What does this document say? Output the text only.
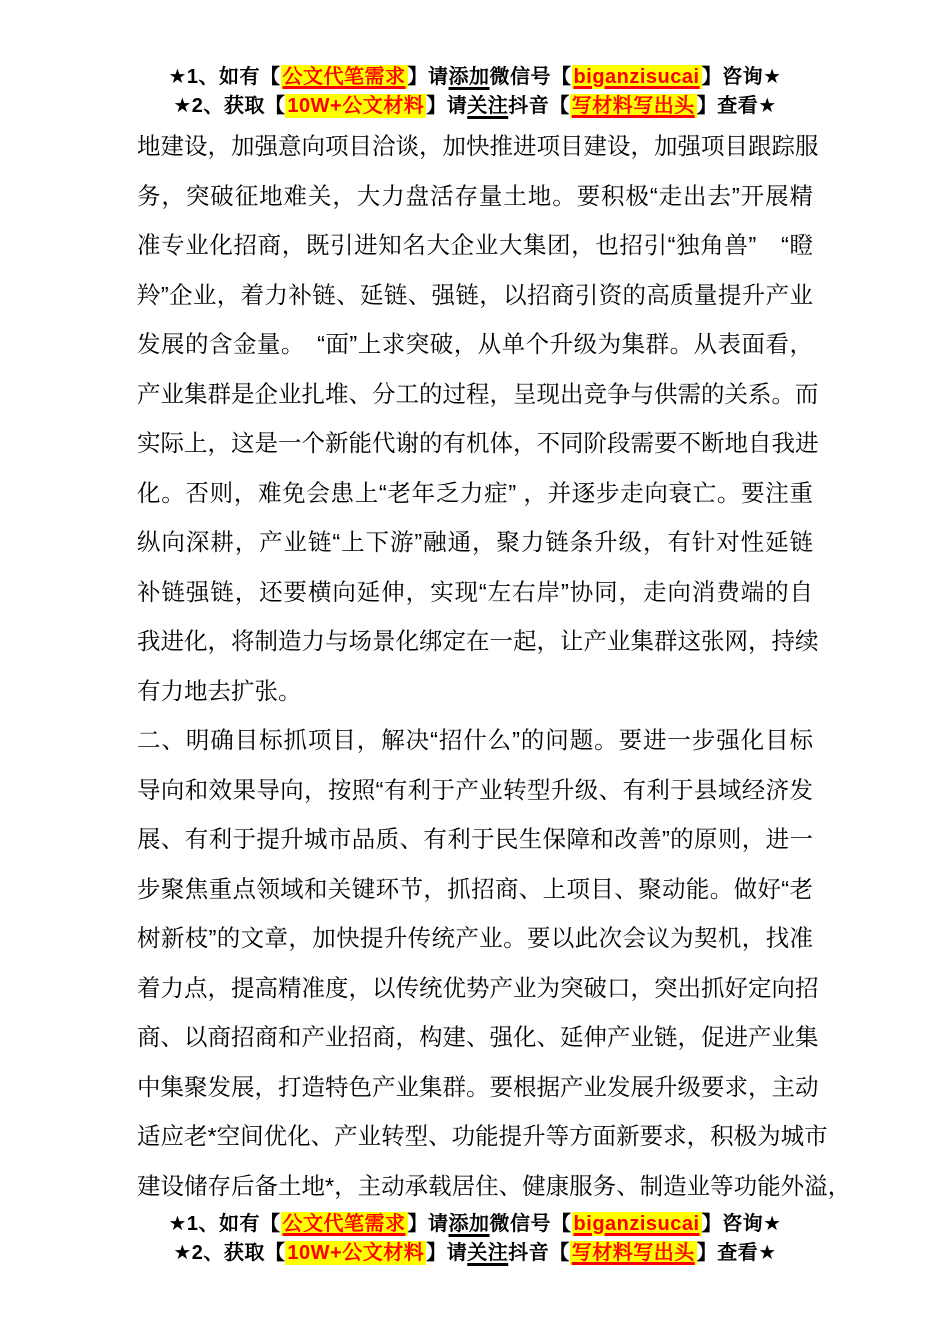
★1、如有【 公文代笔需求 】请添加微信号【 biganzisucai 】咨询★
★2、获取【 10W+公文材料 】请关注抖音【 写材料写出头 】查看★
地建设，加强意向项目洽谈，加快推进项目建设，加强项目跟踪服
务，突破征地难关，大力盘活存量土地。要积极“走出去”开展精
准专业化招商，既引进知名大企业大集团，也招引“独角兽”　“瞪
羚”企业，着力补链、延链、强链，以招商引资的高质量提升产业
发展的含金量。　“面”上求突破，从单个升级为集群。从表面看，
产业集群是企业扎堆、分工的过程，呈现出竞争与供需的关系。而
实际上，这是一个新能代谢的有机体，不同阶段需要不断地自我进
化。否则，难免会患上“老年乏力症” ，并逐步走向衰亡。要注重
纵向深耕，产业链“上下游”融通，聚力链条升级，有针对性延链
补链强链，还要横向延伸，实现“左右岸”协同，走向消费端的自
我进化，将制造力与场景化绑定在一起，让产业集群这张网，持续
有力地去扩张。
二、明确目标抓项目，解决“招什么”的问题。要进一步强化目标
导向和效果导向，按照“有利于产业转型升级、有利于县域经济发
展、有利于提升城市品质、有利于民生保障和改善”的原则，进一
步聚焦重点领域和关键环节，抓招商、上项目、聚动能。做好“老
树新枝”的文章，加快提升传统产业。要以此次会议为契机，找准
着力点，提高精准度，以传统优势产业为突破口，突出抓好定向招
商、以商招商和产业招商，构建、强化、延伸产业链，促进产业集
中集聚发展，打造特色产业集群。要根据产业发展升级要求，主动
适应老*空间优化、产业转型、功能提升等方面新要求，积极为城市
建设储存后备土地*，主动承载居住、健康服务、制造业等功能外溢，
★1、如有【 公文代笔需求 】请添加微信号【 biganzisucai 】咨询★
★2、获取【 10W+公文材料 】请关注抖音【 写材料写出头 】查看★
